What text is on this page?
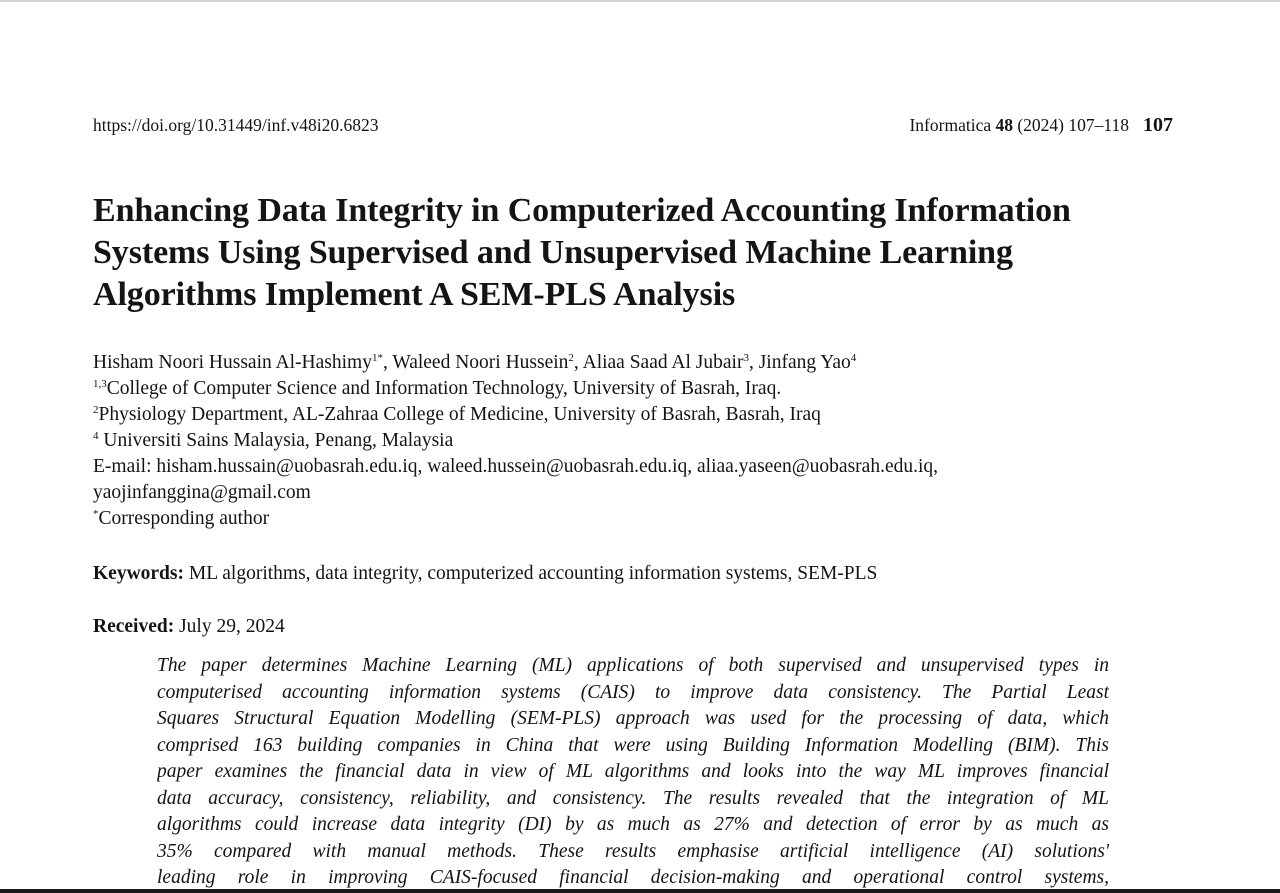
https://doi.org/10.31449/inf.v48i20.6823	Informatica 48 (2024) 107–118 107
Enhancing Data Integrity in Computerized Accounting Information
Systems Using Supervised and Unsupervised Machine Learning
Algorithms Implement A SEM-PLS Analysis
Hisham Noori Hussain Al-Hashimy$^{1*}$, Waleed Noori Hussein$^2$, Aliaa Saad Al Jubair$^3$, Jinfang Yao$^4$
$^{1,3}$College of Computer Science and Information Technology, University of Basrah, Iraq.
$^2$Physiology Department, AL-Zahraa College of Medicine, University of Basrah, Basrah, Iraq
$^4$ Universiti Sains Malaysia, Penang, Malaysia
E-mail: hisham.hussain@uobasrah.edu.iq, waleed.hussein@uobasrah.edu.iq, aliaa.yaseen@uobasrah.edu.iq,
yaojinfanggina@gmail.com
*Corresponding author
Keywords: ML algorithms, data integrity, computerized accounting information systems, SEM-PLS
Received: July 29, 2024
The paper determines Machine Learning (ML) applications of both supervised and unsupervised types in
computerised accounting information systems (CAIS) to improve data consistency. The Partial Least
Squares Structural Equation Modelling (SEM-PLS) approach was used for the processing of data, which
comprised 163 building companies in China that were using Building Information Modelling (BIM). This
paper examines the financial data in view of ML algorithms and looks into the way ML improves financial
data accuracy, consistency, reliability, and consistency. The results revealed that the integration of ML
algorithms could increase data integrity (DI) by as much as 27% and detection of error by as much as
35% compared with manual methods. These results emphasise artificial intelligence (AI) solutions'
leading role in improving CAIS-focused financial decision-making and operational control systems,
